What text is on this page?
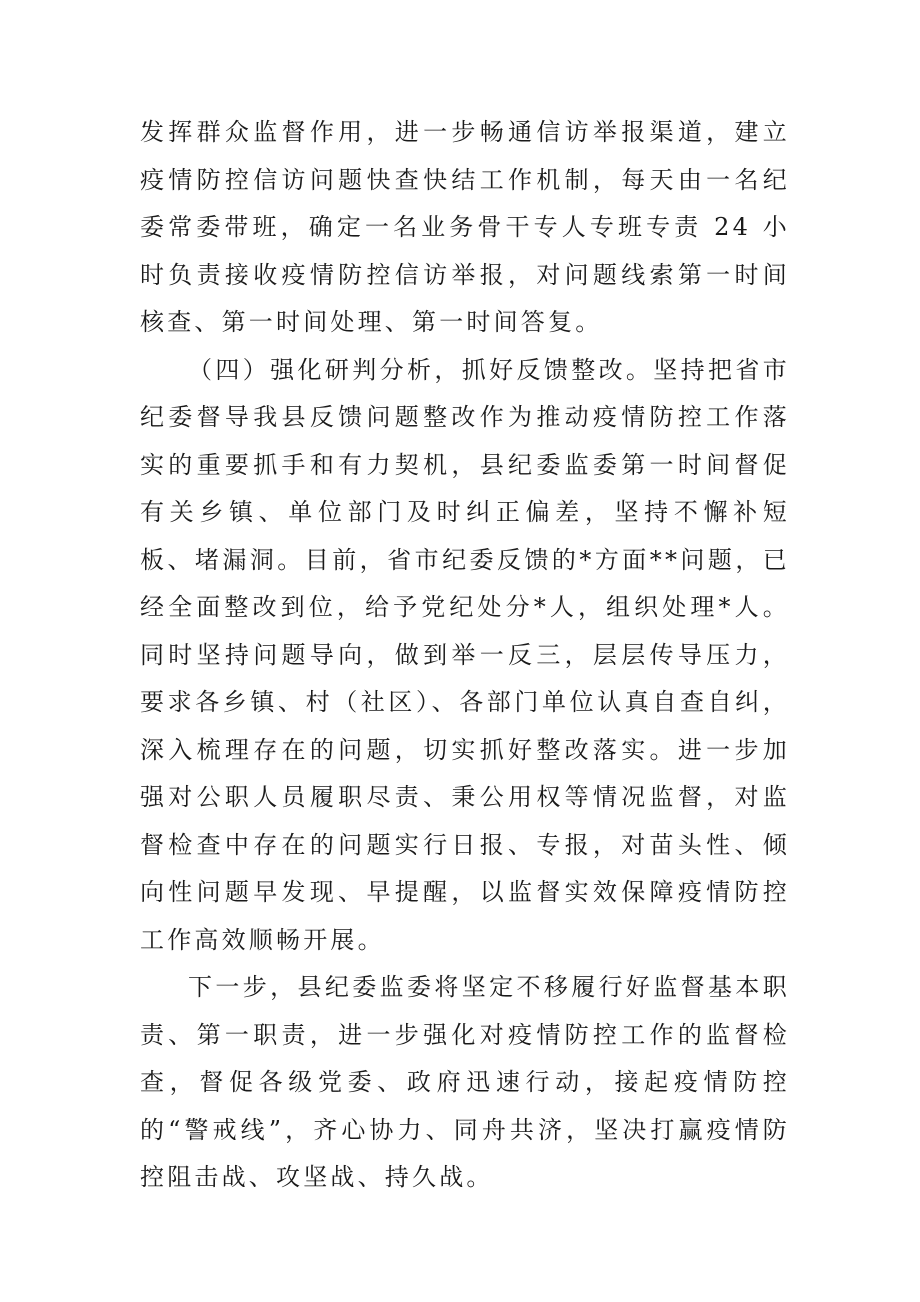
发挥群众监督作用，进一步畅通信访举报渠道，建立疫情防控信访问题快查快结工作机制，每天由一名纪委常委带班，确定一名业务骨干专人专班专责 24 小时负责接收疫情防控信访举报，对问题线索第一时间核查、第一时间处理、第一时间答复。

（四）强化研判分析，抓好反馈整改。坚持把省市纪委督导我县反馈问题整改作为推动疫情防控工作落实的重要抓手和有力契机，县纪委监委第一时间督促有关乡镇、单位部门及时纠正偏差，坚持不懈补短板、堵漏洞。目前，省市纪委反馈的*方面**问题，已经全面整改到位，给予党纪处分*人，组织处理*人。同时坚持问题导向，做到举一反三，层层传导压力，要求各乡镇、村（社区）、各部门单位认真自查自纠，深入梳理存在的问题，切实抓好整改落实。进一步加强对公职人员履职尽责、秉公用权等情况监督，对监督检查中存在的问题实行日报、专报，对苗头性、倾向性问题早发现、早提醒，以监督实效保障疫情防控工作高效顺畅开展。

下一步，县纪委监委将坚定不移履行好监督基本职责、第一职责，进一步强化对疫情防控工作的监督检查，督促各级党委、政府迅速行动，接起疫情防控的“警戒线”，齐心协力、同舟共济，坚决打赢疫情防控阻击战、攻坚战、持久战。
